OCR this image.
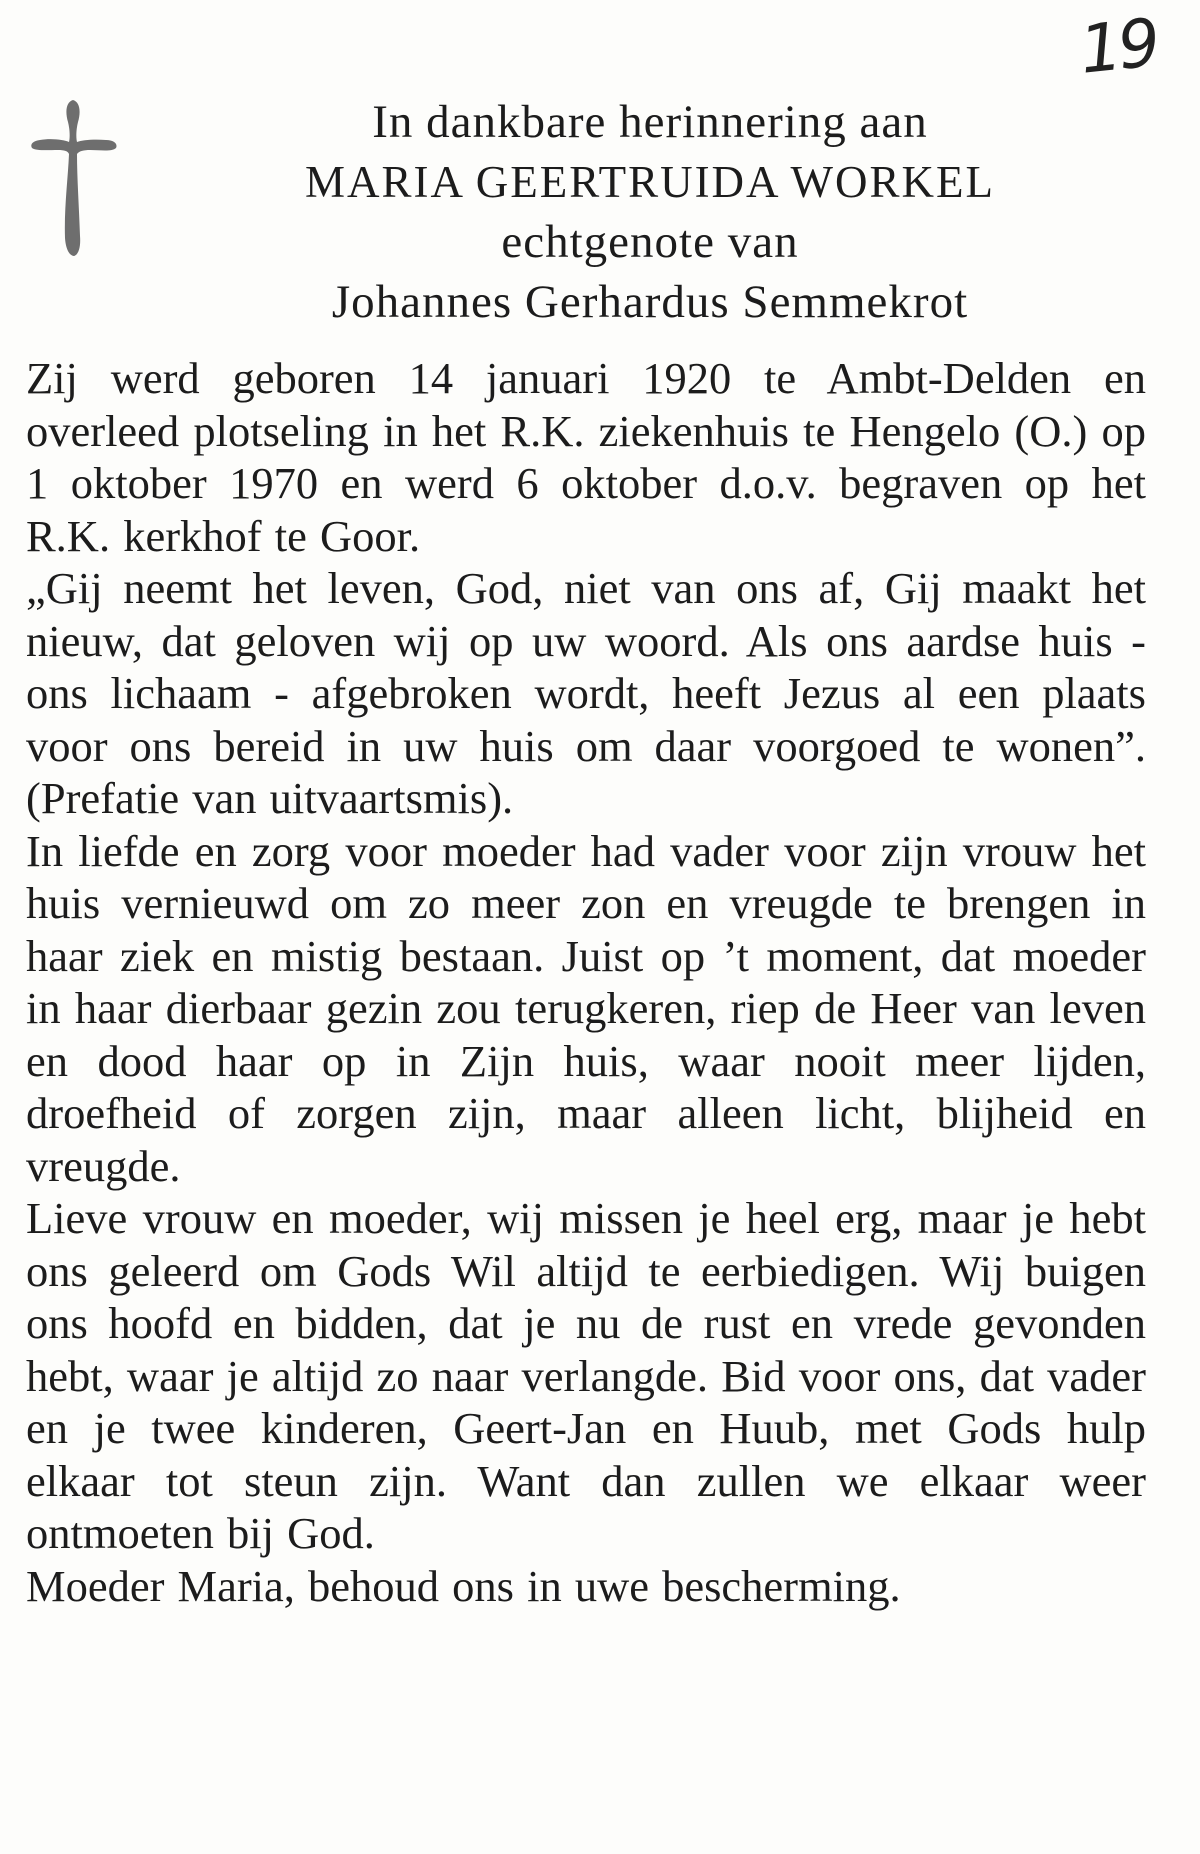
19
In dankbare herinnering aan
MARIA GEERTRUIDA WORKEL
echtgenote van
Johannes Gerhardus Semmekrot

Zij werd geboren 14 januari 1920 te Ambt-Delden en overleed plotseling in het R.K. ziekenhuis te Hengelo (O.) op 1 oktober 1970 en werd 6 oktober d.o.v. begraven op het R.K. kerkhof te Goor.

„Gij neemt het leven, God, niet van ons af, Gij maakt het nieuw, dat geloven wij op uw woord. Als ons aardse huis - ons lichaam - afgebroken wordt, heeft Jezus al een plaats voor ons bereid in uw huis om daar voorgoed te wonen”. (Prefatie van uitvaartsmis).

In liefde en zorg voor moeder had vader voor zijn vrouw het huis vernieuwd om zo meer zon en vreugde te brengen in haar ziek en mistig bestaan. Juist op ’t moment, dat moeder in haar dierbaar gezin zou terugkeren, riep de Heer van leven en dood haar op in Zijn huis, waar nooit meer lijden, droefheid of zorgen zijn, maar alleen licht, blijheid en vreugde.

Lieve vrouw en moeder, wij missen je heel erg, maar je hebt ons geleerd om Gods Wil altijd te eerbiedigen. Wij buigen ons hoofd en bidden, dat je nu de rust en vrede gevonden hebt, waar je altijd zo naar verlangde. Bid voor ons, dat vader en je twee kinderen, Geert-Jan en Huub, met Gods hulp elkaar tot steun zijn. Want dan zullen we elkaar weer ontmoeten bij God.

Moeder Maria, behoud ons in uwe bescherming.
